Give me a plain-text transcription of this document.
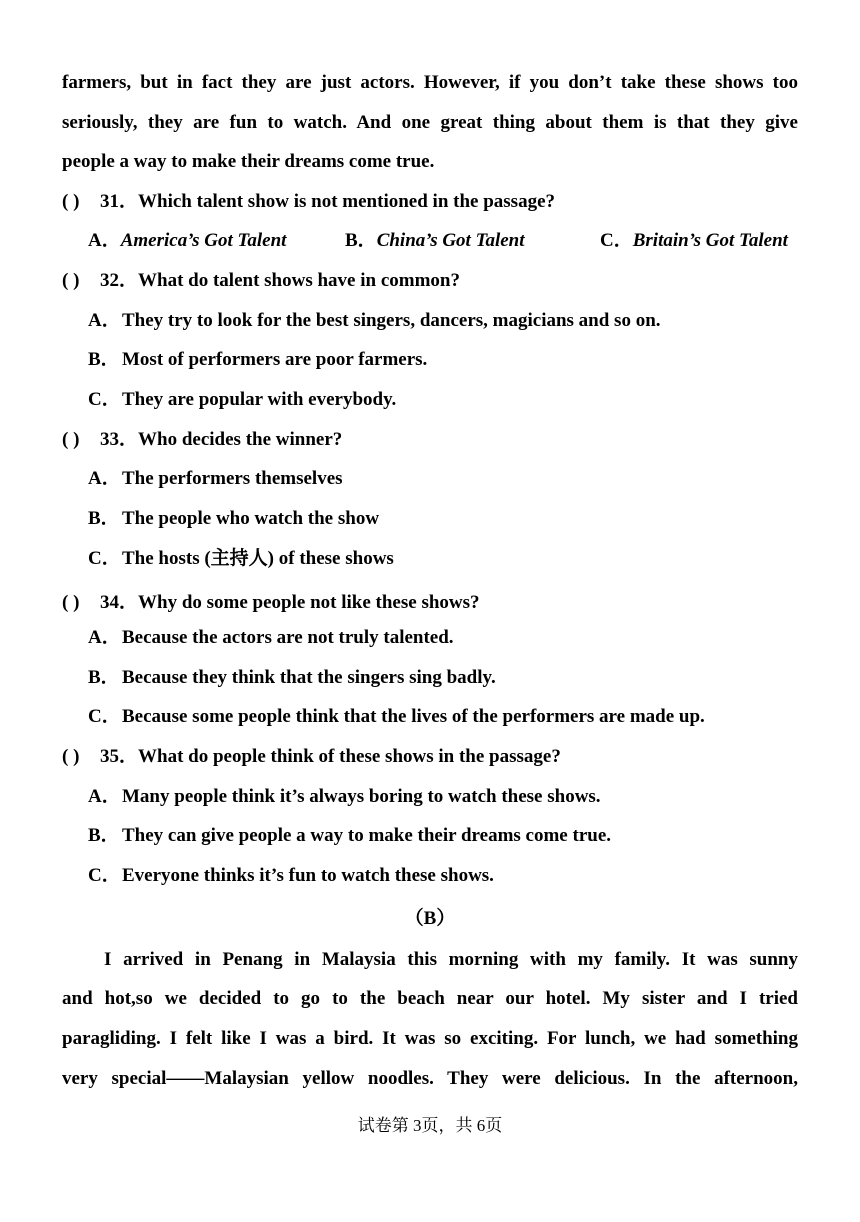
farmers, but in fact they are just actors. However, if you don’t take these shows too
seriously, they are fun to watch. And one great thing about them is that they give
people a way to make their dreams come true.
( ) 31．Which talent show is not mentioned in the passage?
A．America’s Got Talent	B．China’s Got Talent	C．Britain’s Got Talent
( ) 32．What do talent shows have in common?
A．They try to look for the best singers, dancers, magicians and so on.
B． Most of performers are poor farmers.
C．They are popular with everybody.
( ) 33．Who decides the winner?
A．The performers themselves
B． The people who watch the show
C．The hosts (主持人) of these shows
( ) 34．Why do some people not like these shows?
A．Because the actors are not truly talented.
B． Because they think that the singers sing badly.
C．Because some people think that the lives of the performers are made up.
( ) 35．What do people think of these shows in the passage?
A．Many people think it’s always boring to watch these shows.
B． They can give people a way to make their dreams come true.
C．Everyone thinks it’s fun to watch these shows.
（B）
I arrived in Penang in Malaysia this morning with my family. It was sunny
and hot,so we decided to go to the beach near our hotel. My sister and I tried
paragliding. I felt like I was a bird. It was so exciting. For lunch, we had something
very special——Malaysian yellow noodles. They were delicious. In the afternoon,
试卷第 3页，共 6页
